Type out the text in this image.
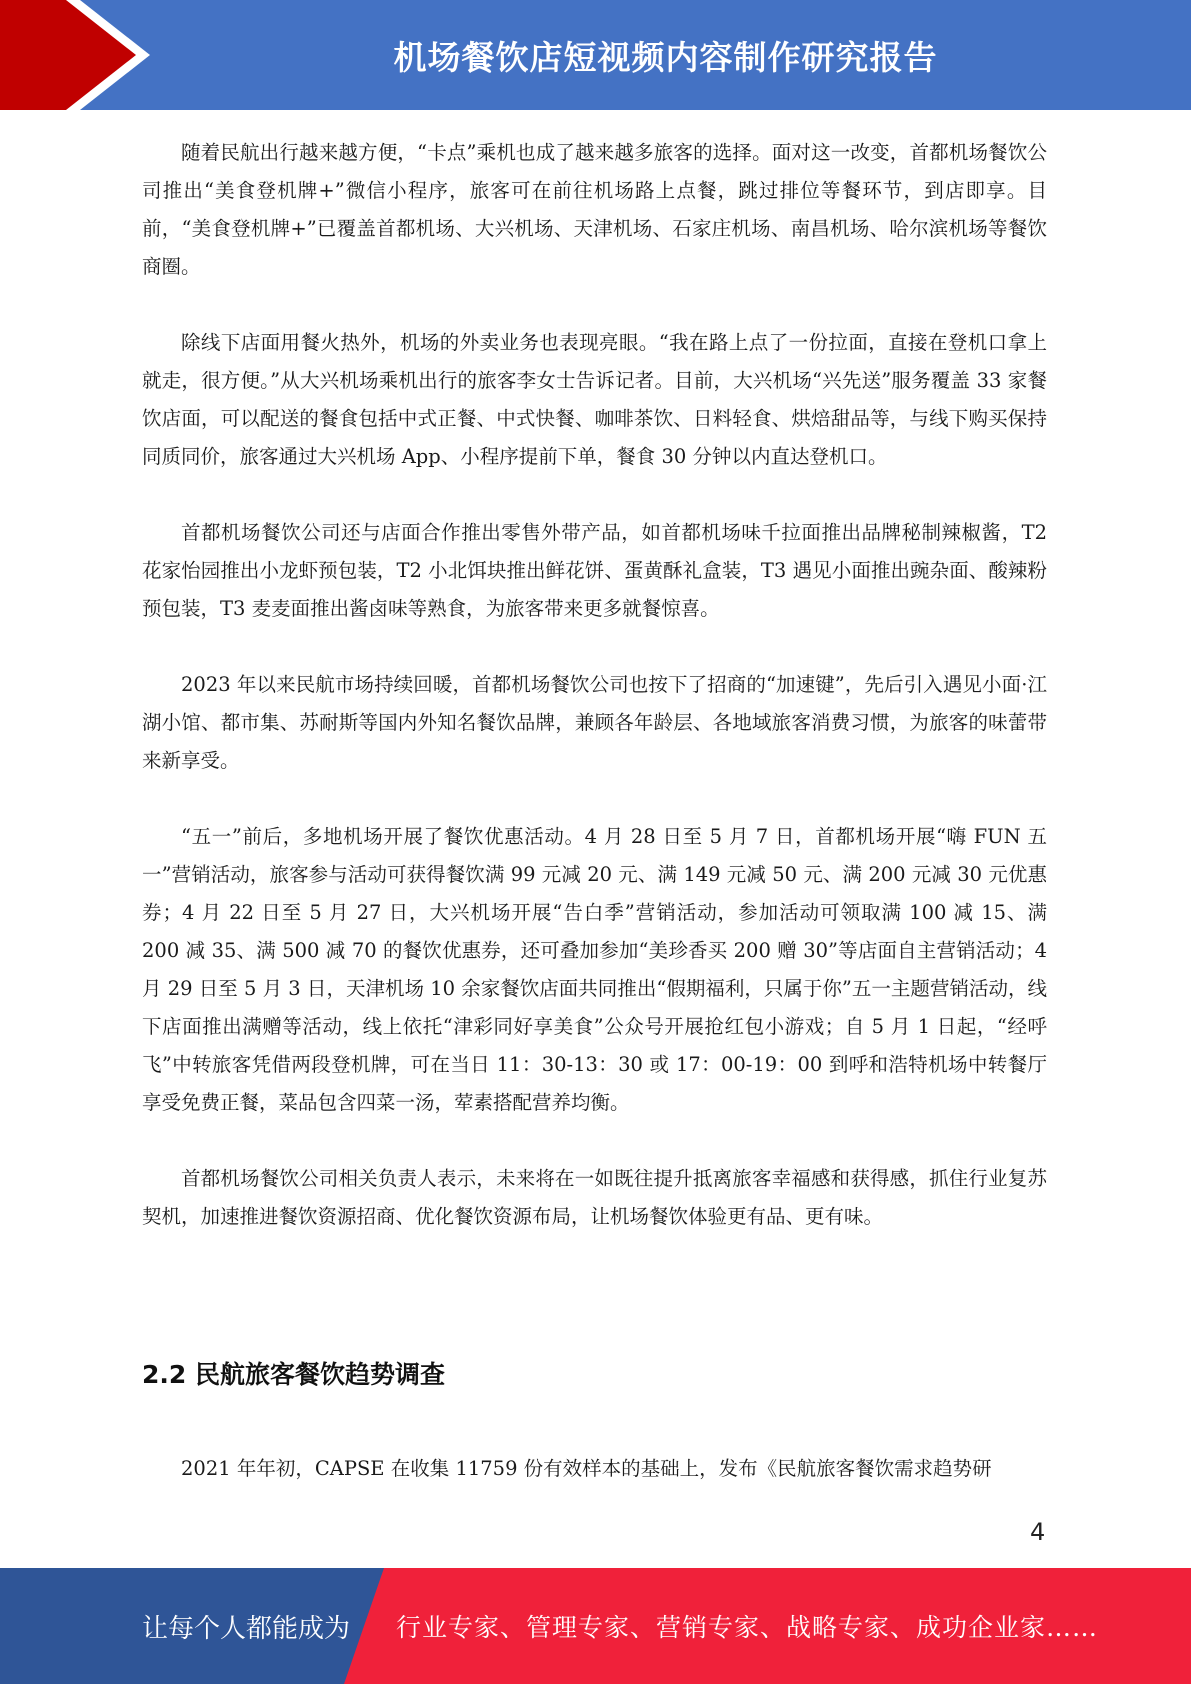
机场餐饮店短视频内容制作研究报告

随着民航出行越来越方便，“卡点”乘机也成了越来越多旅客的选择。面对这一改变，首都机场餐饮公司推出“美食登机牌+”微信小程序，旅客可在前往机场路上点餐，跳过排位等餐环节，到店即享。目前，“美食登机牌+”已覆盖首都机场、大兴机场、天津机场、石家庄机场、南昌机场、哈尔滨机场等餐饮商圈。

除线下店面用餐火热外，机场的外卖业务也表现亮眼。“我在路上点了一份拉面，直接在登机口拿上就走，很方便。”从大兴机场乘机出行的旅客李女士告诉记者。目前，大兴机场“兴先送”服务覆盖 33 家餐饮店面，可以配送的餐食包括中式正餐、中式快餐、咖啡茶饮、日料轻食、烘焙甜品等，与线下购买保持同质同价，旅客通过大兴机场 App、小程序提前下单，餐食 30 分钟以内直达登机口。

首都机场餐饮公司还与店面合作推出零售外带产品，如首都机场味千拉面推出品牌秘制辣椒酱，T2 花家怡园推出小龙虾预包装，T2 小北饵块推出鲜花饼、蛋黄酥礼盒装，T3 遇见小面推出豌杂面、酸辣粉预包装，T3 麦麦面推出酱卤味等熟食，为旅客带来更多就餐惊喜。

2023 年以来民航市场持续回暖，首都机场餐饮公司也按下了招商的“加速键”，先后引入遇见小面·江湖小馆、都市集、苏耐斯等国内外知名餐饮品牌，兼顾各年龄层、各地域旅客消费习惯，为旅客的味蕾带来新享受。

“五一”前后，多地机场开展了餐饮优惠活动。4 月 28 日至 5 月 7 日，首都机场开展“嗨 FUN 五一”营销活动，旅客参与活动可获得餐饮满 99 元减 20 元、满 149 元减 50 元、满 200 元减 30 元优惠券；4 月 22 日至 5 月 27 日，大兴机场开展“告白季”营销活动，参加活动可领取满 100 减 15、满 200 减 35、满 500 减 70 的餐饮优惠券，还可叠加参加“美珍香买 200 赠 30”等店面自主营销活动；4 月 29 日至 5 月 3 日，天津机场 10 余家餐饮店面共同推出“假期福利，只属于你”五一主题营销活动，线下店面推出满赠等活动，线上依托“津彩同好享美食”公众号开展抢红包小游戏；自 5 月 1 日起，“经呼飞”中转旅客凭借两段登机牌，可在当日 11：30-13：30 或 17：00-19：00 到呼和浩特机场中转餐厅享受免费正餐，菜品包含四菜一汤，荤素搭配营养均衡。

首都机场餐饮公司相关负责人表示，未来将在一如既往提升抵离旅客幸福感和获得感，抓住行业复苏契机，加速推进餐饮资源招商、优化餐饮资源布局，让机场餐饮体验更有品、更有味。

2.2 民航旅客餐饮趋势调查

2021 年年初，CAPSE 在收集 11759 份有效样本的基础上，发布《民航旅客餐饮需求趋势研

4
让每个人都能成为 行业专家、管理专家、营销专家、战略专家、成功企业家……
